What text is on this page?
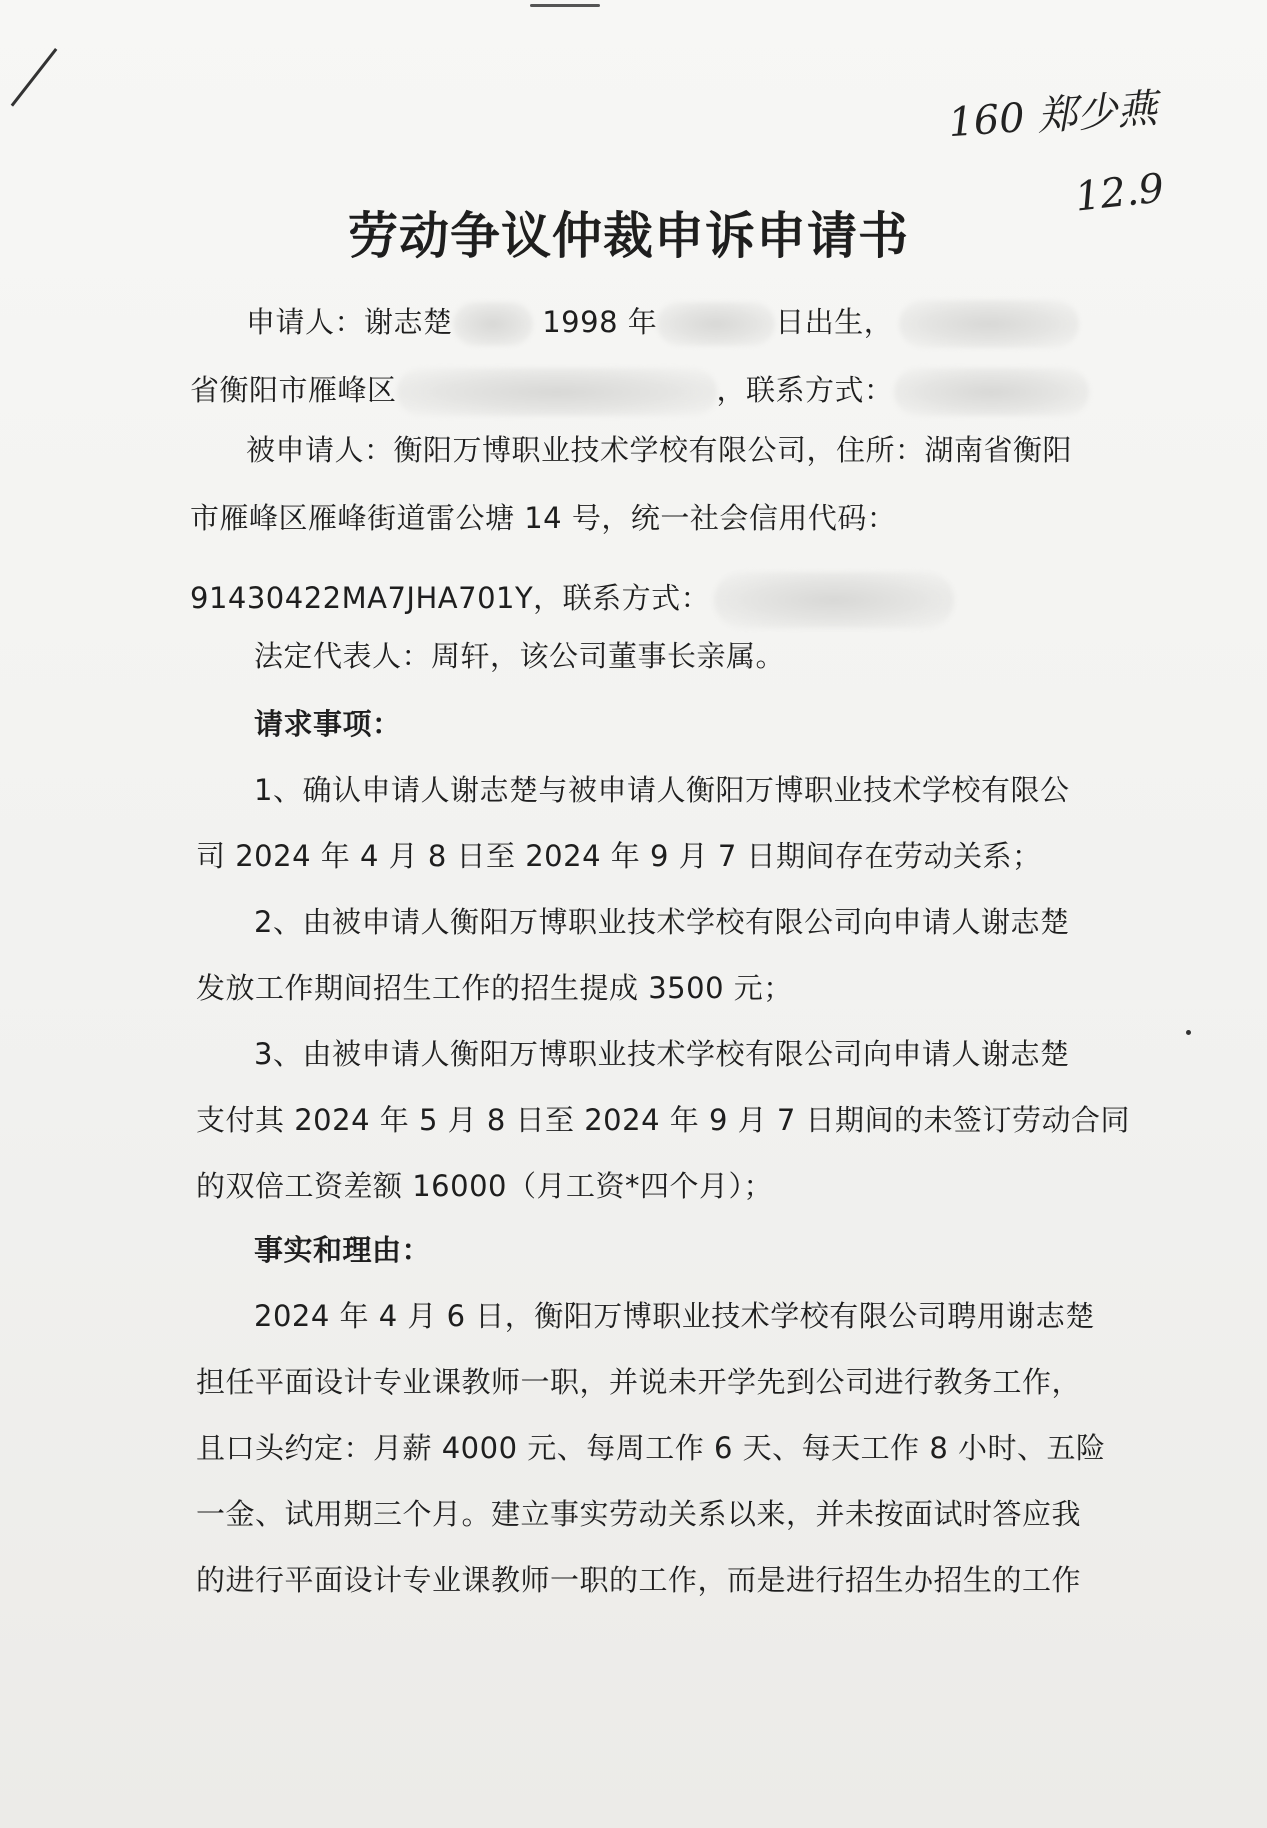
160 郑少燕
12.9
劳动争议仲裁申诉申请书
申请人：谢志楚	1998 年	日出生，
省衡阳市雁峰区	，联系方式：
被申请人：衡阳万博职业技术学校有限公司，住所：湖南省衡阳
市雁峰区雁峰街道雷公塘 14 号，统一社会信用代码：
91430422MA7JHA701Y，联系方式：
法定代表人：周轩，该公司董事长亲属。
请求事项：
1、确认申请人谢志楚与被申请人衡阳万博职业技术学校有限公
司 2024 年 4 月 8 日至 2024 年 9 月 7 日期间存在劳动关系；
2、由被申请人衡阳万博职业技术学校有限公司向申请人谢志楚
发放工作期间招生工作的招生提成 3500 元；
3、由被申请人衡阳万博职业技术学校有限公司向申请人谢志楚
支付其 2024 年 5 月 8 日至 2024 年 9 月 7 日期间的未签订劳动合同
的双倍工资差额 16000（月工资*四个月）；
事实和理由：
2024 年 4 月 6 日，衡阳万博职业技术学校有限公司聘用谢志楚
担任平面设计专业课教师一职，并说未开学先到公司进行教务工作，
且口头约定：月薪 4000 元、每周工作 6 天、每天工作 8 小时、五险
一金、试用期三个月。建立事实劳动关系以来，并未按面试时答应我
的进行平面设计专业课教师一职的工作，而是进行招生办招生的工作
